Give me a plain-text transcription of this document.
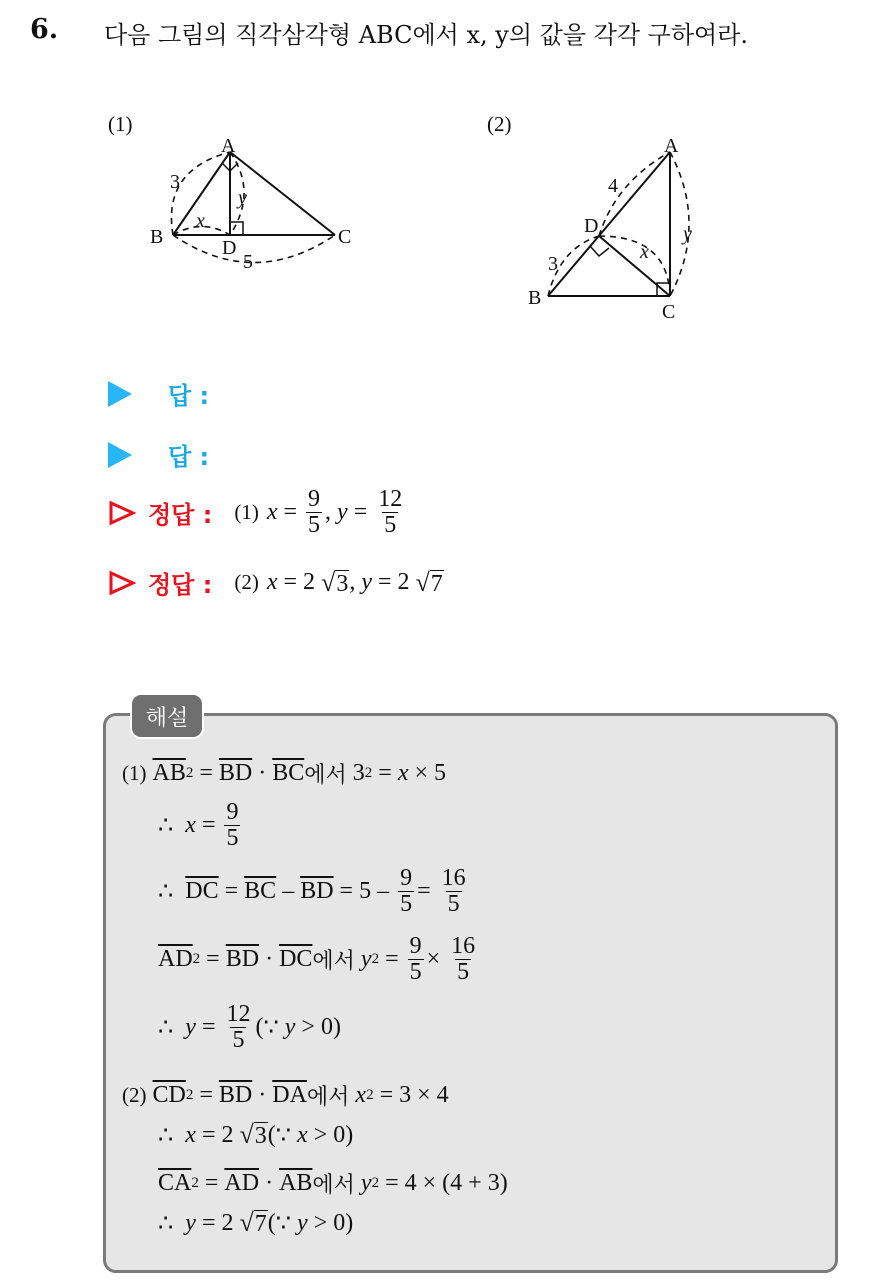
6. 다음 그림의 직각삼각형 ABC에서 x, y의 값을 각각 구하여라.
(1)
A
B	C
D
3
x
y
5
(2)
A
B
C
D
4
3
x
y
답 :
답 :
정답 : (1) $x = \frac{9}{5}$ , $y = \frac{12}{5}$
정답 : (2) x = 2
√ 3 , y = 2
√ 7
해설
(1) $\overline{AB}$ $2 = \overline{BD} \cdot \overline{BC}$ 에서
3 2 = x × 5
∴
$x = \frac{9}{5}$
∴
$\overline{DC} = \overline{BC} - \overline{BD} = 5 - \frac{9}{5} = \frac{16}{5}$
$\overline{AD}$ $2 = \overline{BD} \cdot \overline{DC}$ 에서
y $2 = \frac{9}{5} \times \frac{16}{5}$
∴
$y = \frac{12}{5}$ ( ∵
y > 0 )
(2) $\overline{CD}$ $2 = \overline{BD} \cdot \overline{DA}$ 에서
x 2 = 3 × 4
∴
x = 2
√ 3 ( ∵
x > 0 )
$\overline{CA}$ $2 = \overline{AD} \cdot \overline{AB}$ 에서
y 2 = 4 × ( 4 + 3 )
∴
y = 2
√ 7 ( ∵
y > 0 )
